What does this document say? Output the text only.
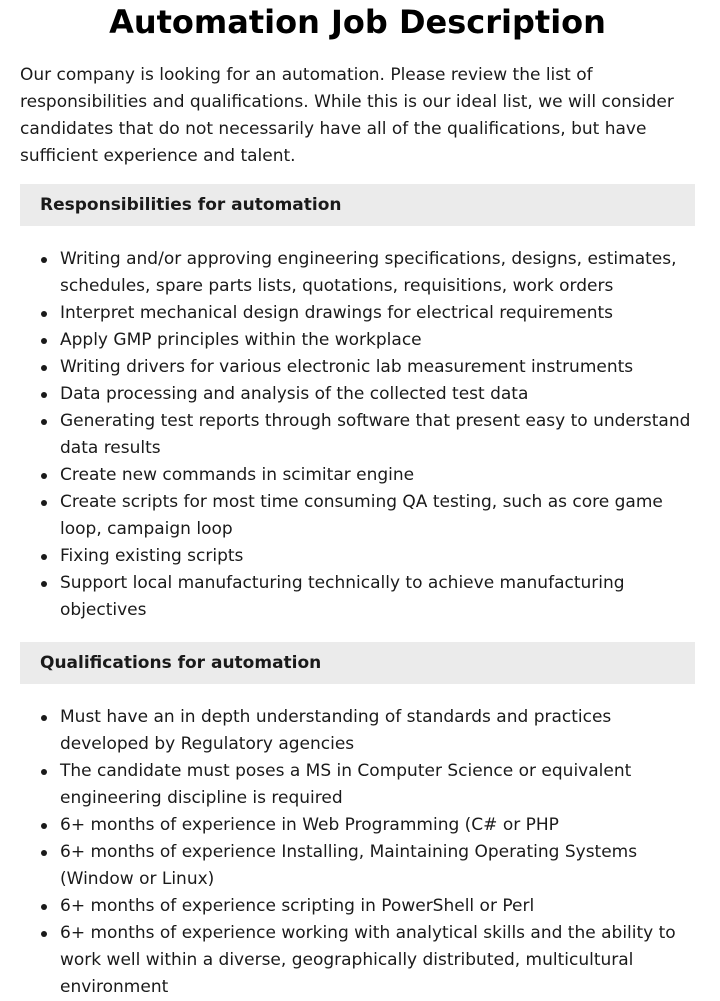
Automation Job Description

Our company is looking for an automation. Please review the list of responsibilities and qualifications. While this is our ideal list, we will consider candidates that do not necessarily have all of the qualifications, but have sufficient experience and talent.

Responsibilities for automation
Writing and/or approving engineering specifications, designs, estimates, schedules, spare parts lists, quotations, requisitions, work orders
Interpret mechanical design drawings for electrical requirements
Apply GMP principles within the workplace
Writing drivers for various electronic lab measurement instruments
Data processing and analysis of the collected test data
Generating test reports through software that present easy to understand data results
Create new commands in scimitar engine
Create scripts for most time consuming QA testing, such as core game loop, campaign loop
Fixing existing scripts
Support local manufacturing technically to achieve manufacturing objectives
Qualifications for automation
Must have an in depth understanding of standards and practices developed by Regulatory agencies
The candidate must poses a MS in Computer Science or equivalent engineering discipline is required
6+ months of experience in Web Programming (C# or PHP
6+ months of experience Installing, Maintaining Operating Systems (Window or Linux)
6+ months of experience scripting in PowerShell or Perl
6+ months of experience working with analytical skills and the ability to work well within a diverse, geographically distributed, multicultural environment
